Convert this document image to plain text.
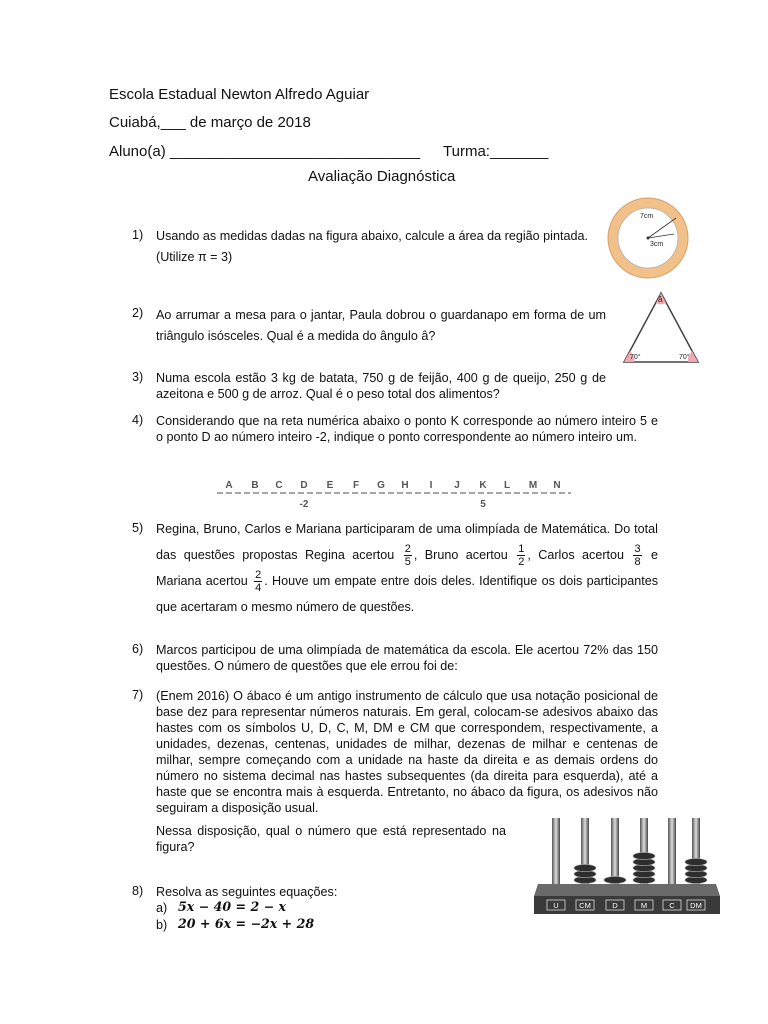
Escola Estadual Newton Alfredo Aguiar
Cuiabá,___ de março de 2018
Aluno(a) ______________________________ Turma:_______
Avaliação Diagnóstica
1) Usando as medidas dadas na figura abaixo, calcule a área da região pintada. (Utilize π = 3)
7cm
3cm
2) Ao arrumar a mesa para o jantar, Paula dobrou o guardanapo em forma de um triângulo isósceles. Qual é a medida do ângulo â?
â
70°	70°
3) Numa escola estão 3 kg de batata, 750 g de feijão, 400 g de queijo, 250 g de azeitona e 500 g de arroz. Qual é o peso total dos alimentos?
4) Considerando que na reta numérica abaixo o ponto K corresponde ao número inteiro 5 e o ponto D ao número inteiro -2, indique o ponto correspondente ao número inteiro um.
A B C D E F G H I J K L M N
-2	5
5) Regina, Bruno, Carlos e Mariana participaram de uma olimpíada de Matemática. Do total das questões propostas Regina acertou $\frac{2}{5}$ , Bruno acertou $\frac{1}{2}$ , Carlos acertou $\frac{3}{8}$ e Mariana acertou $\frac{2}{4}$ . Houve um empate entre dois deles. Identifique os dois participantes que acertaram o mesmo número de questões.
6) Marcos participou de uma olimpíada de matemática da escola. Ele acertou 72% das 150 questões. O número de questões que ele errou foi de:
7) (Enem 2016) O ábaco é um antigo instrumento de cálculo que usa notação posicional de base dez para representar números naturais. Em geral, colocam-se adesivos abaixo das hastes com os símbolos U, D, C, M, DM e CM que correspondem, respectivamente, a unidades, dezenas, centenas, unidades de milhar, dezenas de milhar e centenas de milhar, sempre começando com a unidade na haste da direita e as demais ordens do número no sistema decimal nas hastes subsequentes (da direita para esquerda), até a haste que se encontra mais à esquerda. Entretanto, no ábaco da figura, os adesivos não seguiram a disposição usual.
Nessa disposição, qual o número que está representado na figura?
U	CM	D	M	C DM
8) Resolva as seguintes equações:
a) 5x − 40 = 2 − x
b) 20 + 6x = −2x + 28
